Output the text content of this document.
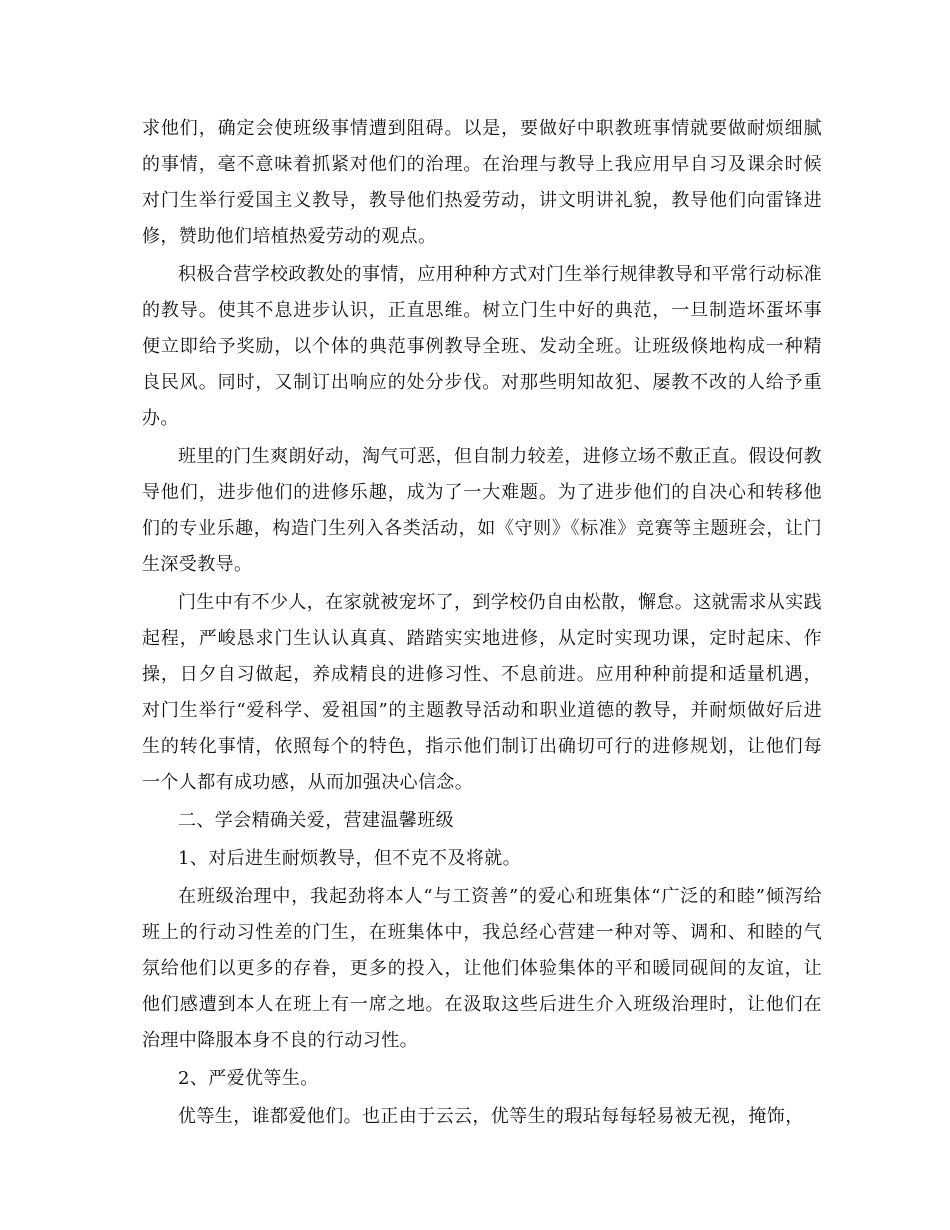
求他们，确定会使班级事情遭到阻碍。以是，要做好中职教班事情就要做耐烦细腻的事情，毫不意味着抓紧对他们的治理。在治理与教导上我应用早自习及课余时候对门生举行爱国主义教导，教导他们热爱劳动，讲文明讲礼貌，教导他们向雷锋进修，赞助他们培植热爱劳动的观点。

积极合营学校政教处的事情，应用种种方式对门生举行规律教导和平常行动标准的教导。使其不息进步认识，正直思维。树立门生中好的典范，一旦制造坏蛋坏事便立即给予奖励，以个体的典范事例教导全班、发动全班。让班级倏地构成一种精良民风。同时，又制订出响应的处分步伐。对那些明知故犯、屡教不改的人给予重办。

班里的门生爽朗好动，淘气可恶，但自制力较差，进修立场不敷正直。假设何教导他们，进步他们的进修乐趣，成为了一大难题。为了进步他们的自决心和转移他们的专业乐趣，构造门生列入各类活动，如《守则》《标准》竞赛等主题班会，让门生深受教导。

门生中有不少人，在家就被宠坏了，到学校仍自由松散，懈怠。这就需求从实践起程，严峻恳求门生认认真真、踏踏实实地进修，从定时实现功课，定时起床、作操，日夕自习做起，养成精良的进修习性、不息前进。应用种种前提和适量机遇，对门生举行“爱科学、爱祖国”的主题教导活动和职业道德的教导，并耐烦做好后进生的转化事情，依照每个的特色，指示他们制订出确切可行的进修规划，让他们每一个人都有成功感，从而加强决心信念。

二、学会精确关爱，营建温馨班级

1、对后进生耐烦教导，但不克不及将就。

在班级治理中，我起劲将本人“与工资善”的爱心和班集体“广泛的和睦”倾泻给班上的行动习性差的门生，在班集体中，我总经心营建一种对等、调和、和睦的气氛给他们以更多的存眷，更多的投入，让他们体验集体的平和暖同砚间的友谊，让他们感遭到本人在班上有一席之地。在汲取这些后进生介入班级治理时，让他们在治理中降服本身不良的行动习性。

2、严爱优等生。

优等生，谁都爱他们。也正由于云云，优等生的瑕玷每每轻易被无视，掩饰，
